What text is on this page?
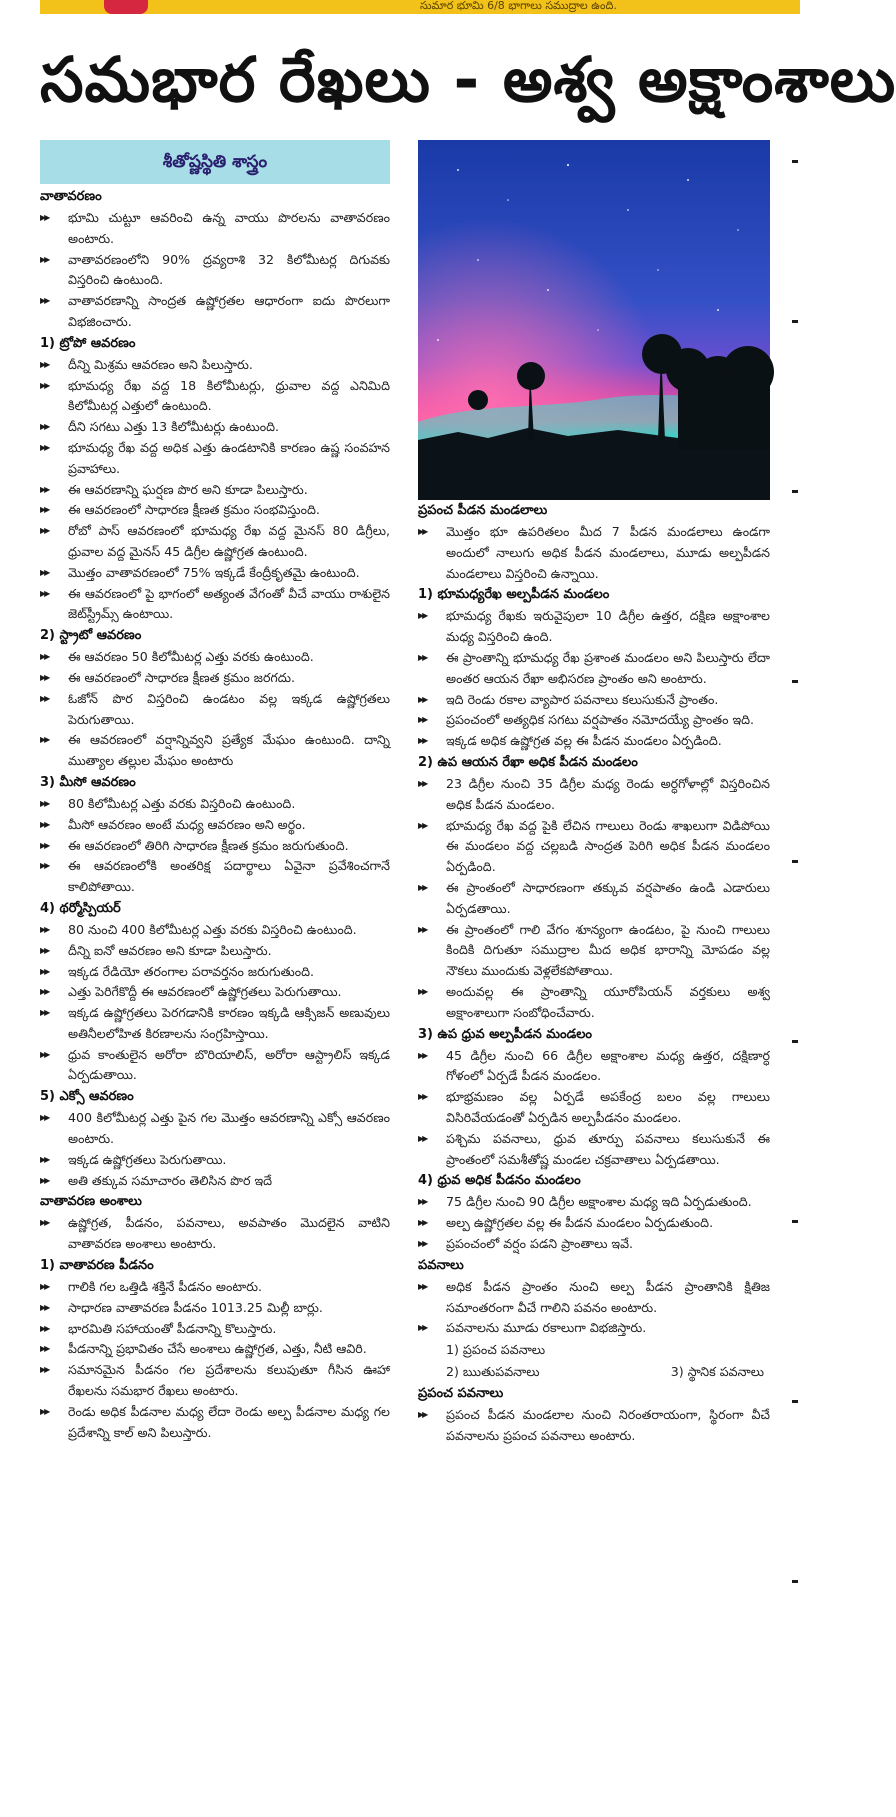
సుమార భూమి 6/8 భాగాలు సముద్రాల ఉంది.
సమభార రేఖలు - అశ్వ అక్షాంశాలు
శీతోష్ణస్థితి శాస్త్రం
వాతావరణం
▶▶ భూమి చుట్టూ ఆవరించి ఉన్న వాయు పొరలను వాతావరణం అంటారు.
▶▶ వాతావరణంలోని 90% ద్రవ్యరాశి 32 కిలోమీటర్ల దిగువకు విస్తరించి ఉంటుంది.
▶▶ వాతావరణాన్ని సాంద్రత ఉష్ణోగ్రతల ఆధారంగా ఐదు పొరలుగా విభజించారు.
1) ట్రోపో ఆవరణం
▶▶ దీన్ని మిశ్రమ ఆవరణం అని పిలుస్తారు.
▶▶ భూమధ్య రేఖ వద్ద 18 కిలోమీటర్లు, ధ్రువాల వద్ద ఎనిమిది కిలోమీటర్ల ఎత్తులో ఉంటుంది.
▶▶ దీని సగటు ఎత్తు 13 కిలోమీటర్లు ఉంటుంది.
▶▶ భూమధ్య రేఖ వద్ద అధిక ఎత్తు ఉండటానికి కారణం ఉష్ణ సంవహన ప్రవాహాలు.
▶▶ ఈ ఆవరణాన్ని ఘర్షణ పొర అని కూడా పిలుస్తారు.
▶▶ ఈ ఆవరణంలో సాధారణ క్షీణత క్రమం సంభవిస్తుంది.
▶▶ రోబో పాస్ ఆవరణంలో భూమధ్య రేఖ వద్ద మైనస్ 80 డిగ్రీలు, ధ్రువాల వద్ద మైనస్ 45 డిగ్రీల ఉష్ణోగ్రత ఉంటుంది.
▶▶ మొత్తం వాతావరణంలో 75% ఇక్కడే కేంద్రీకృతమై ఉంటుంది.
▶▶ ఈ ఆవరణంలో పై భాగంలో అత్యంత వేగంతో వీచే వాయు రాశులైన జెట్‌స్ట్రీమ్స్ ఉంటాయి.
2) స్ట్రాటో ఆవరణం
▶▶ ఈ ఆవరణం 50 కిలోమీటర్ల ఎత్తు వరకు ఉంటుంది.
▶▶ ఈ ఆవరణంలో సాధారణ క్షీణత క్రమం జరగదు.
▶▶ ఓజోన్ పొర విస్తరించి ఉండటం వల్ల ఇక్కడ ఉష్ణోగ్రతలు పెరుగుతాయి.
▶▶ ఈ ఆవరణంలో వర్షాన్నివ్వని ప్రత్యేక మేఘం ఉంటుంది. దాన్ని ముత్యాల తల్లుల మేఘం అంటారు
3) మీసో ఆవరణం
▶▶ 80 కిలోమీటర్ల ఎత్తు వరకు విస్తరించి ఉంటుంది.
▶▶ మీసో ఆవరణం అంటే మధ్య ఆవరణం అని అర్థం.
▶▶ ఈ ఆవరణంలో తిరిగి సాధారణ క్షీణత క్రమం జరుగుతుంది.
▶▶ ఈ ఆవరణంలోకి అంతరిక్ష పదార్థాలు ఏవైనా ప్రవేశించగానే కాలిపోతాయి.
4) థర్మోస్పియర్
▶▶ 80 నుంచి 400 కిలోమీటర్ల ఎత్తు వరకు విస్తరించి ఉంటుంది.
▶▶ దీన్ని ఐనో ఆవరణం అని కూడా పిలుస్తారు.
▶▶ ఇక్కడ రేడియో తరంగాల పరావర్తనం జరుగుతుంది.
▶▶ ఎత్తు పెరిగేకొద్దీ ఈ ఆవరణంలో ఉష్ణోగ్రతలు పెరుగుతాయి.
▶▶ ఇక్కడ ఉష్ణోగ్రతలు పెరగడానికి కారణం ఇక్కడి ఆక్సిజన్ అణువులు అతినీలలోహిత కిరణాలను సంగ్రహిస్తాయి.
▶▶ ధ్రువ కాంతులైన అరోరా బొరియాలిస్, అరోరా ఆస్ట్రాలిస్ ఇక్కడ ఏర్పడుతాయి.
5) ఎక్సో ఆవరణం
▶▶ 400 కిలోమీటర్ల ఎత్తు పైన గల మొత్తం ఆవరణాన్ని ఎక్సో ఆవరణం అంటారు.
▶▶ ఇక్కడ ఉష్ణోగ్రతలు పెరుగుతాయి.
▶▶ అతి తక్కువ సమాచారం తెలిసిన పొర ఇదే
వాతావరణ అంశాలు
▶▶ ఉష్ణోగ్రత, పీడనం, పవనాలు, అవపాతం మొదలైన వాటిని వాతావరణ అంశాలు అంటారు.
1) వాతావరణ పీడనం
▶▶ గాలికి గల ఒత్తిడి శక్తినే పీడనం అంటారు.
▶▶ సాధారణ వాతావరణ పీడనం 1013.25 మిల్లీ బార్లు.
▶▶ భారమితి సహాయంతో పీడనాన్ని కొలుస్తారు.
▶▶ పీడనాన్ని ప్రభావితం చేసే అంశాలు ఉష్ణోగ్రత, ఎత్తు, నీటి ఆవిరి.
▶▶ సమానమైన పీడనం గల ప్రదేశాలను కలుపుతూ గీసిన ఊహా రేఖలను సమభార రేఖలు అంటారు.
▶▶ రెండు అధిక పీడనాల మధ్య లేదా రెండు అల్ప పీడనాల మధ్య గల ప్రదేశాన్ని కాల్ అని పిలుస్తారు.
ప్రపంచ పీడన మండలాలు
▶▶ మొత్తం భూ ఉపరితలం మీద 7 పీడన మండలాలు ఉండగా అందులో నాలుగు అధిక పీడన మండలాలు, మూడు అల్పపీడన మండలాలు విస్తరించి ఉన్నాయి.
1) భూమధ్యరేఖ అల్పపీడన మండలం
▶▶ భూమధ్య రేఖకు ఇరువైపులా 10 డిగ్రీల ఉత్తర, దక్షిణ అక్షాంశాల మధ్య విస్తరించి ఉంది.
▶▶ ఈ ప్రాంతాన్ని భూమధ్య రేఖ ప్రశాంత మండలం అని పిలుస్తారు లేదా అంతర ఆయన రేఖా అభిసరణ ప్రాంతం అని అంటారు.
▶▶ ఇది రెండు రకాల వ్యాపార పవనాలు కలుసుకునే ప్రాంతం.
▶▶ ప్రపంచంలో అత్యధిక సగటు వర్షపాతం నమోదయ్యే ప్రాంతం ఇది.
▶▶ ఇక్కడ అధిక ఉష్ణోగ్రత వల్ల ఈ పీడన మండలం ఏర్పడింది.
2) ఉప ఆయన రేఖా అధిక పీడన మండలం
▶▶ 23 డిగ్రీల నుంచి 35 డిగ్రీల మధ్య రెండు అర్ధగోళాల్లో విస్తరించిన అధిక పీడన మండలం.
▶▶ భూమధ్య రేఖ వద్ద పైకి లేచిన గాలులు రెండు శాఖలుగా విడిపోయి ఈ మండలం వద్ద చల్లబడి సాంద్రత పెరిగి అధిక పీడన మండలం ఏర్పడింది.
▶▶ ఈ ప్రాంతంలో సాధారణంగా తక్కువ వర్షపాతం ఉండి ఎడారులు ఏర్పడతాయి.
▶▶ ఈ ప్రాంతంలో గాలి వేగం శూన్యంగా ఉండటం, పై నుంచి గాలులు కిందికి దిగుతూ సముద్రాల మీద అధిక భారాన్ని మోపడం వల్ల నౌకలు ముందుకు వెళ్లలేకపోతాయి.
▶▶ అందువల్ల ఈ ప్రాంతాన్ని యూరోపియన్ వర్తకులు అశ్వ అక్షాంశాలుగా సంబోధించేవారు.
3) ఉప ధ్రువ అల్పపీడన మండలం
▶▶ 45 డిగ్రీల నుంచి 66 డిగ్రీల అక్షాంశాల మధ్య ఉత్తర, దక్షిణార్ధ గోళంలో ఏర్పడే పీడన మండలం.
▶▶ భూభ్రమణం వల్ల ఏర్పడే అపకేంద్ర బలం వల్ల గాలులు విసిరివేయడంతో ఏర్పడిన అల్పపీడనం మండలం.
▶▶ పశ్చిమ పవనాలు, ధ్రువ తూర్పు పవనాలు కలుసుకునే ఈ ప్రాంతంలో సమశీతోష్ణ మండల చక్రవాతాలు ఏర్పడతాయి.
4) ధ్రువ అధిక పీడనం మండలం
▶▶ 75 డిగ్రీల నుంచి 90 డిగ్రీల అక్షాంశాల మధ్య ఇది ఏర్పడుతుంది.
▶▶ అల్ప ఉష్ణోగ్రతల వల్ల ఈ పీడన మండలం ఏర్పడుతుంది.
▶▶ ప్రపంచంలో వర్షం పడని ప్రాంతాలు ఇవే.
పవనాలు
▶▶ అధిక పీడన ప్రాంతం నుంచి అల్ప పీడన ప్రాంతానికి క్షితిజ సమాంతరంగా వీచే గాలిని పవనం అంటారు.
▶▶ పవనాలను మూడు రకాలుగా విభజిస్తారు.
1) ప్రపంచ పవనాలు
2) ఋతుపవనాలు	3) స్థానిక పవనాలు
ప్రపంచ పవనాలు
▶▶ ప్రపంచ పీడన మండలాల నుంచి నిరంతరాయంగా, స్థిరంగా వీచే పవనాలను ప్రపంచ పవనాలు అంటారు.
